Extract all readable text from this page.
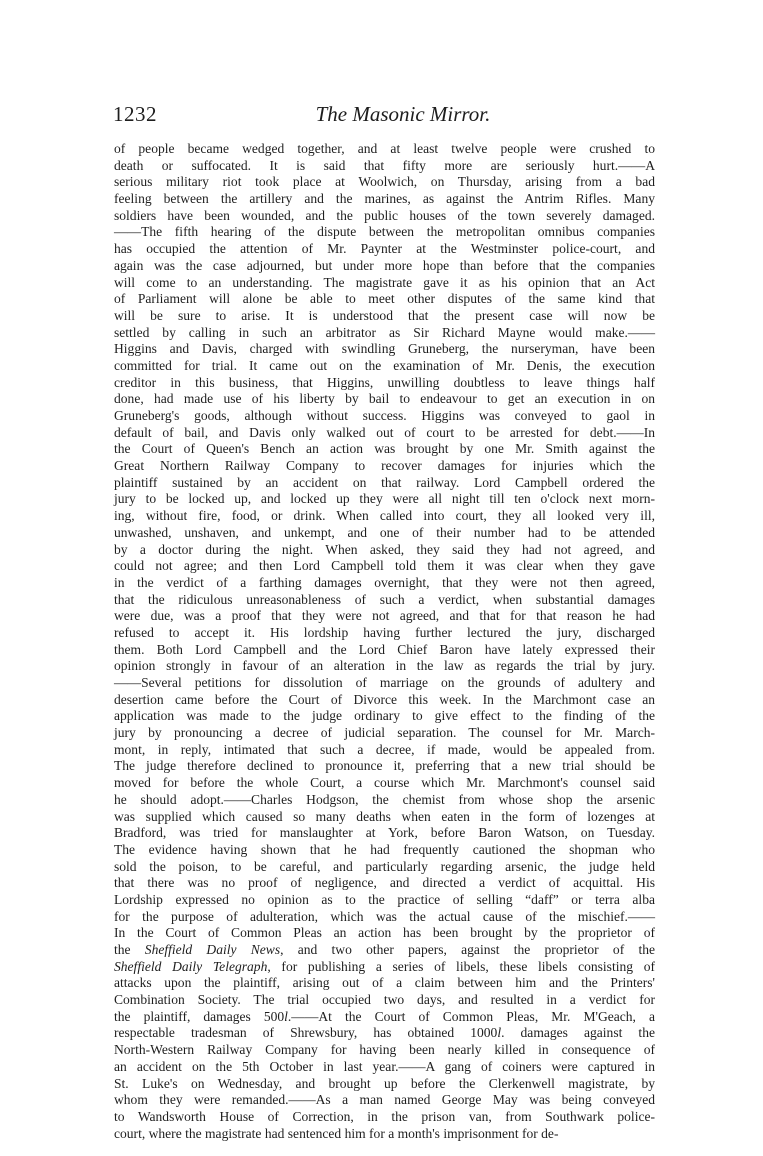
1232	The Masonic Mirror.
of people became wedged together, and at least twelve people were crushed to
death or suffocated. It is said that fifty more are seriously hurt.——A
serious military riot took place at Woolwich, on Thursday, arising from a bad
feeling between the artillery and the marines, as against the Antrim Rifles. Many
soldiers have been wounded, and the public houses of the town severely damaged.
——The fifth hearing of the dispute between the metropolitan omnibus companies
has occupied the attention of Mr. Paynter at the Westminster police-court, and
again was the case adjourned, but under more hope than before that the companies
will come to an understanding. The magistrate gave it as his opinion that an Act
of Parliament will alone be able to meet other disputes of the same kind that
will be sure to arise. It is understood that the present case will now be
settled by calling in such an arbitrator as Sir Richard Mayne would make.——
Higgins and Davis, charged with swindling Gruneberg, the nurseryman, have been
committed for trial. It came out on the examination of Mr. Denis, the execution
creditor in this business, that Higgins, unwilling doubtless to leave things half
done, had made use of his liberty by bail to endeavour to get an execution in on
Gruneberg's goods, although without success. Higgins was conveyed to gaol in
default of bail, and Davis only walked out of court to be arrested for debt.——In
the Court of Queen's Bench an action was brought by one Mr. Smith against the
Great Northern Railway Company to recover damages for injuries which the
plaintiff sustained by an accident on that railway. Lord Campbell ordered the
jury to be locked up, and locked up they were all night till ten o'clock next morn-
ing, without fire, food, or drink. When called into court, they all looked very ill,
unwashed, unshaven, and unkempt, and one of their number had to be attended
by a doctor during the night. When asked, they said they had not agreed, and
could not agree; and then Lord Campbell told them it was clear when they gave
in the verdict of a farthing damages overnight, that they were not then agreed,
that the ridiculous unreasonableness of such a verdict, when substantial damages
were due, was a proof that they were not agreed, and that for that reason he had
refused to accept it. His lordship having further lectured the jury, discharged
them. Both Lord Campbell and the Lord Chief Baron have lately expressed their
opinion strongly in favour of an alteration in the law as regards the trial by jury.
——Several petitions for dissolution of marriage on the grounds of adultery and
desertion came before the Court of Divorce this week. In the Marchmont case an
application was made to the judge ordinary to give effect to the finding of the
jury by pronouncing a decree of judicial separation. The counsel for Mr. March-
mont, in reply, intimated that such a decree, if made, would be appealed from.
The judge therefore declined to pronounce it, preferring that a new trial should be
moved for before the whole Court, a course which Mr. Marchmont's counsel said
he should adopt.——Charles Hodgson, the chemist from whose shop the arsenic
was supplied which caused so many deaths when eaten in the form of lozenges at
Bradford, was tried for manslaughter at York, before Baron Watson, on Tuesday.
The evidence having shown that he had frequently cautioned the shopman who
sold the poison, to be careful, and particularly regarding arsenic, the judge held
that there was no proof of negligence, and directed a verdict of acquittal. His
Lordship expressed no opinion as to the practice of selling “daff” or terra alba
for the purpose of adulteration, which was the actual cause of the mischief.——
In the Court of Common Pleas an action has been brought by the proprietor of
the Sheffield Daily News, and two other papers, against the proprietor of the
Sheffield Daily Telegraph, for publishing a series of libels, these libels consisting of
attacks upon the plaintiff, arising out of a claim between him and the Printers'
Combination Society. The trial occupied two days, and resulted in a verdict for
the plaintiff, damages 500l.——At the Court of Common Pleas, Mr. M'Geach, a
respectable tradesman of Shrewsbury, has obtained 1000l. damages against the
North-Western Railway Company for having been nearly killed in consequence of
an accident on the 5th October in last year.——A gang of coiners were captured in
St. Luke's on Wednesday, and brought up before the Clerkenwell magistrate, by
whom they were remanded.——As a man named George May was being conveyed
to Wandsworth House of Correction, in the prison van, from Southwark police-
court, where the magistrate had sentenced him for a month's imprisonment for de-
